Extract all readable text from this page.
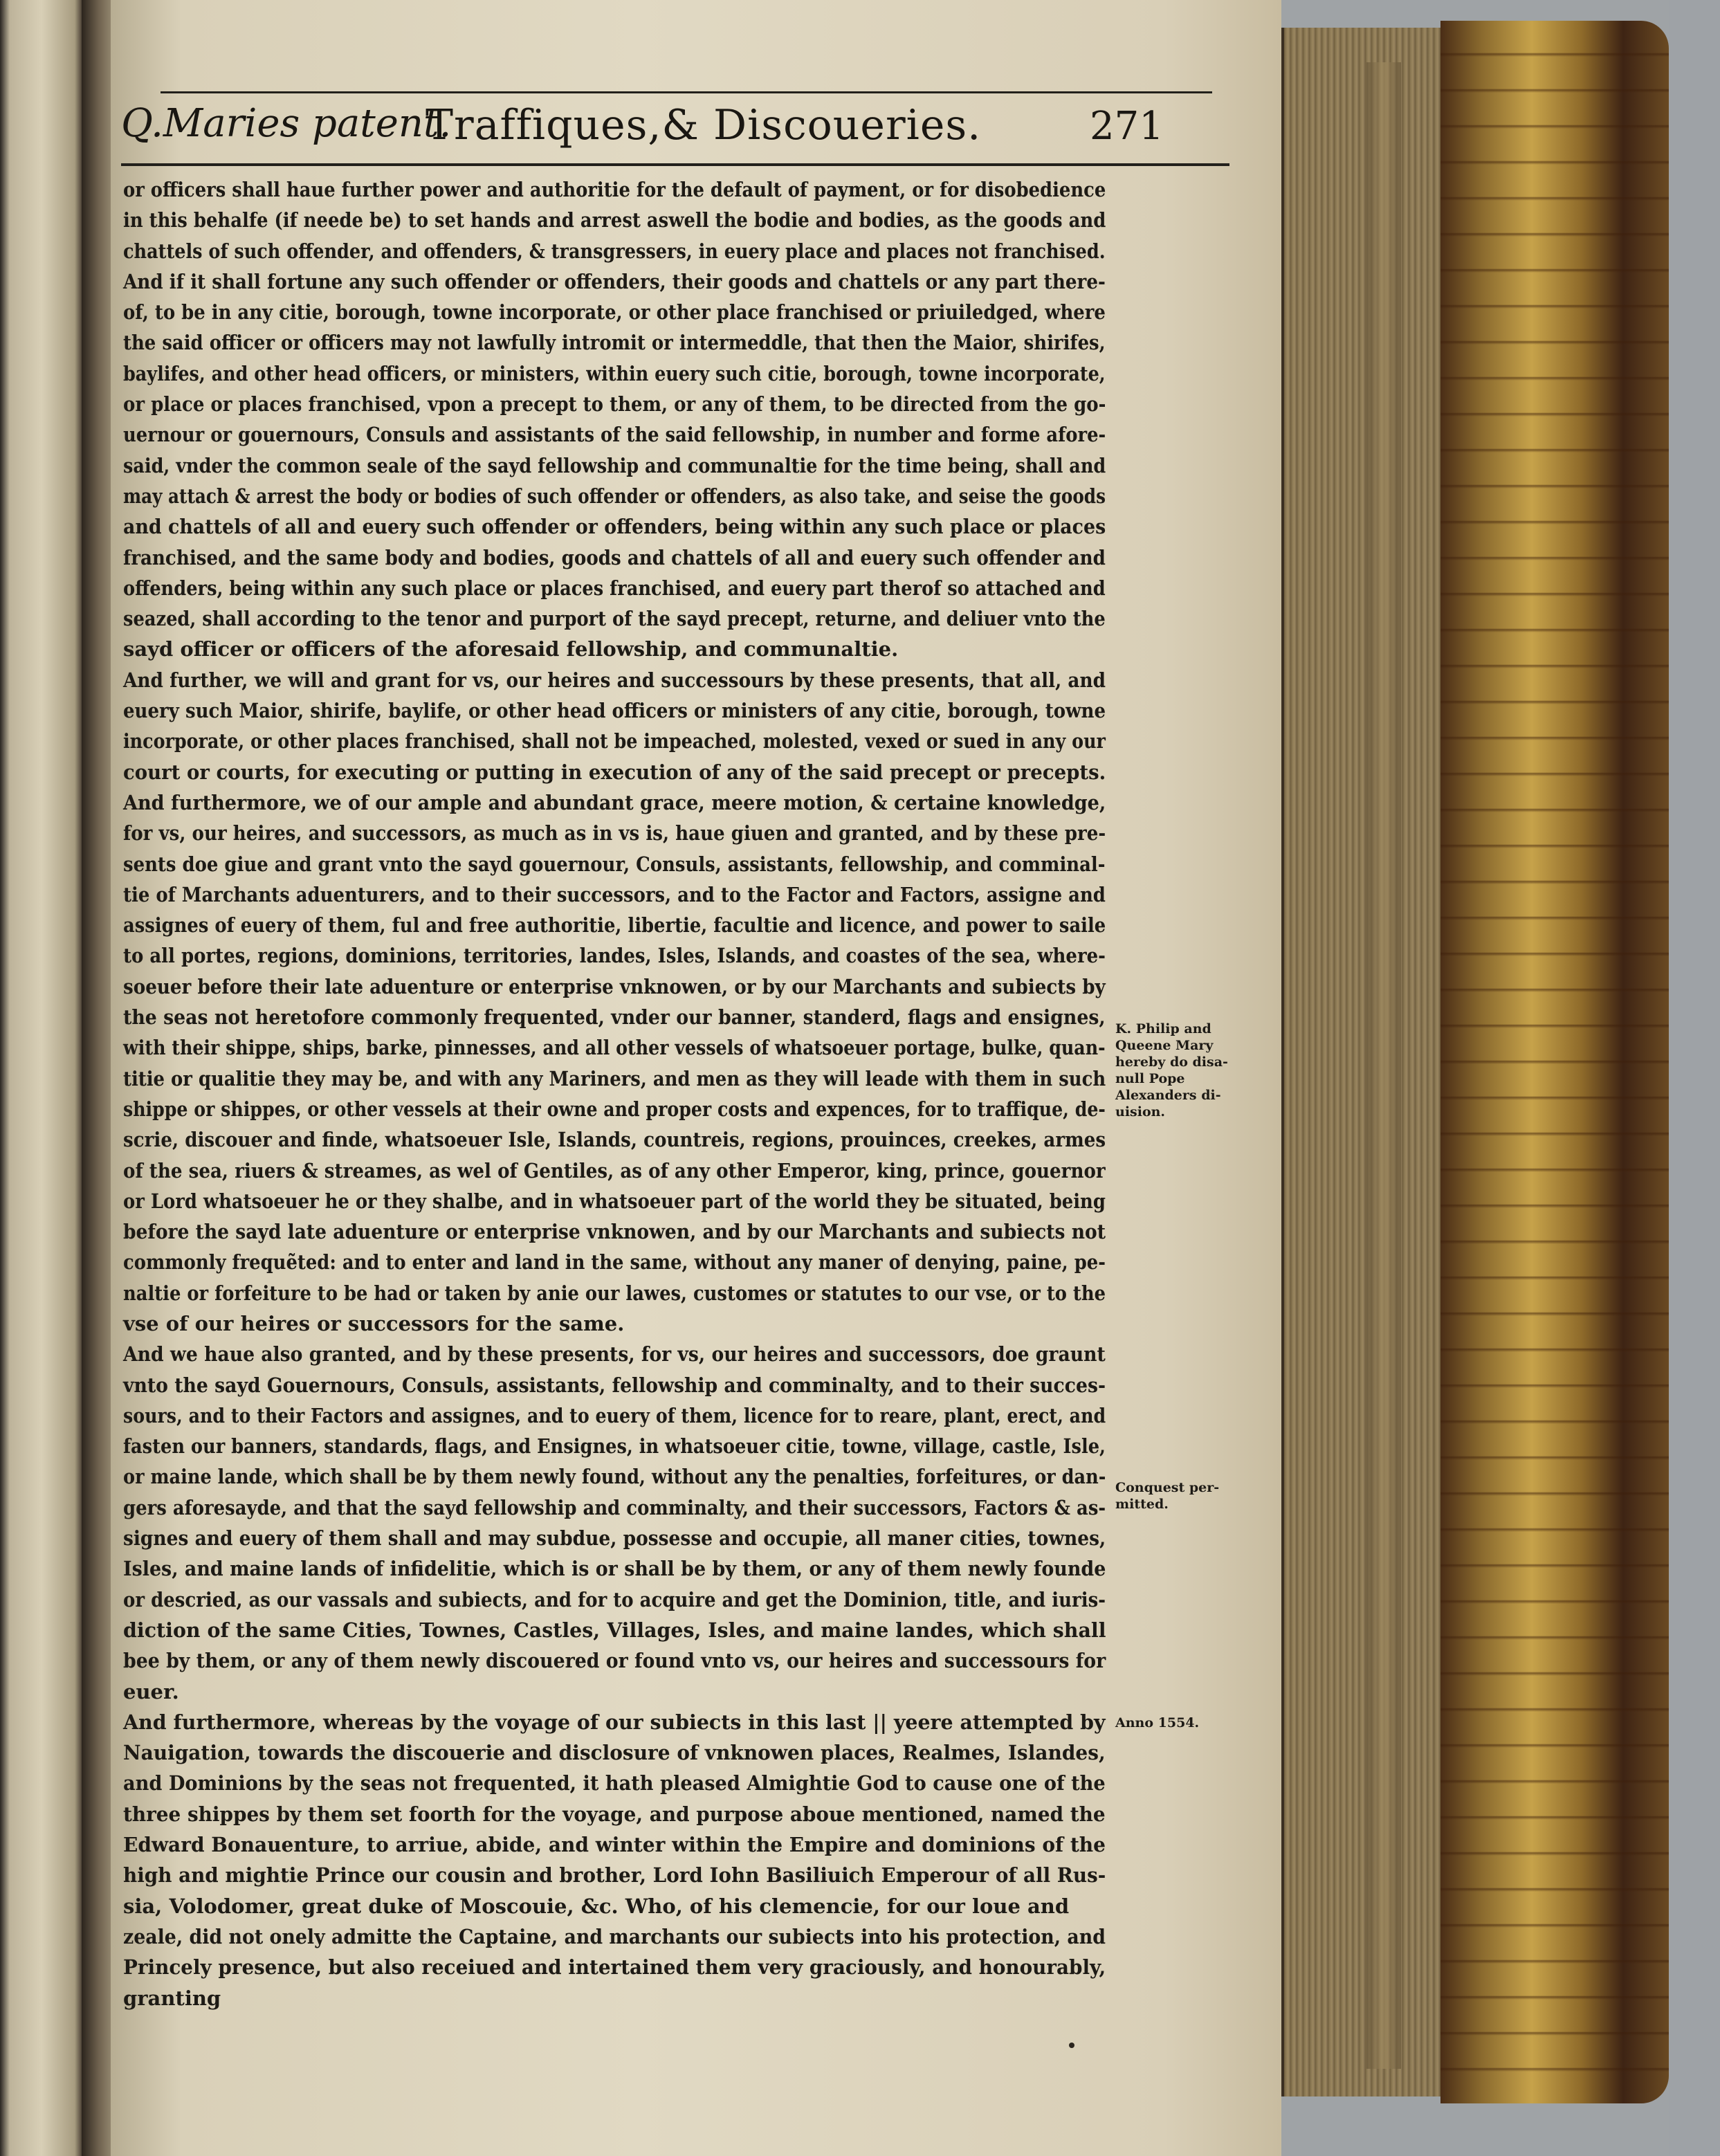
Q.Maries patent.
Traffiques,& Discoueries.	271
or officers shall haue further power and authoritie for the default of payment, or for disobedience
in this behalfe (if neede be) to set hands and arrest aswell the bodie and bodies, as the goods and
chattels of such offender, and offenders, & transgressers, in euery place and places not franchised.
And if it shall fortune any such offender or offenders, their goods and chattels or any part there-
of, to be in any citie, borough, towne incorporate, or other place franchised or priuiledged, where
the said officer or officers may not lawfully intromit or intermeddle, that then the Maior, shirifes,
baylifes, and other head officers, or ministers, within euery such citie, borough, towne incorporate,
or place or places franchised, vpon a precept to them, or any of them, to be directed from the go-
uernour or gouernours, Consuls and assistants of the said fellowship, in number and forme afore-
said, vnder the common seale of the sayd fellowship and communaltie for the time being, shall and
may attach & arrest the body or bodies of such offender or offenders, as also take, and seise the goods
and chattels of all and euery such offender or offenders, being within any such place or places
franchised, and the same body and bodies, goods and chattels of all and euery such offender and
offenders, being within any such place or places franchised, and euery part therof so attached and
seazed, shall according to the tenor and purport of the sayd precept, returne, and deliuer vnto the
sayd officer or officers of the aforesaid fellowship, and communaltie.
And further, we will and grant for vs, our heires and successours by these presents, that all, and
euery such Maior, shirife, baylife, or other head officers or ministers of any citie, borough, towne
incorporate, or other places franchised, shall not be impeached, molested, vexed or sued in any our
court or courts, for executing or putting in execution of any of the said precept or precepts.
And furthermore, we of our ample and abundant grace, meere motion, & certaine knowledge,
for vs, our heires, and successors, as much as in vs is, haue giuen and granted, and by these pre-
sents doe giue and grant vnto the sayd gouernour, Consuls, assistants, fellowship, and comminal-
tie of Marchants aduenturers, and to their successors, and to the Factor and Factors, assigne and
assignes of euery of them, ful and free authoritie, libertie, facultie and licence, and power to saile
to all portes, regions, dominions, territories, landes, Isles, Islands, and coastes of the sea, where-
soeuer before their late aduenture or enterprise vnknowen, or by our Marchants and subiects by
the seas not heretofore commonly frequented, vnder our banner, standerd, flags and ensignes,
with their shippe, ships, barke, pinnesses, and all other vessels of whatsoeuer portage, bulke, quan-
titie or qualitie they may be, and with any Mariners, and men as they will leade with them in such
shippe or shippes, or other vessels at their owne and proper costs and expences, for to traffique, de-
scrie, discouer and finde, whatsoeuer Isle, Islands, countreis, regions, prouinces, creekes, armes
of the sea, riuers & streames, as wel of Gentiles, as of any other Emperor, king, prince, gouernor
or Lord whatsoeuer he or they shalbe, and in whatsoeuer part of the world they be situated, being
before the sayd late aduenture or enterprise vnknowen, and by our Marchants and subiects not
commonly frequẽted: and to enter and land in the same, without any maner of denying, paine, pe-
naltie or forfeiture to be had or taken by anie our lawes, customes or statutes to our vse, or to the
vse of our heires or successors for the same.
And we haue also granted, and by these presents, for vs, our heires and successors, doe graunt
vnto the sayd Gouernours, Consuls, assistants, fellowship and comminalty, and to their succes-
sours, and to their Factors and assignes, and to euery of them, licence for to reare, plant, erect, and
fasten our banners, standards, flags, and Ensignes, in whatsoeuer citie, towne, village, castle, Isle,
or maine lande, which shall be by them newly found, without any the penalties, forfeitures, or dan-
gers aforesayde, and that the sayd fellowship and comminalty, and their successors, Factors & as-
signes and euery of them shall and may subdue, possesse and occupie, all maner cities, townes,
Isles, and maine lands of infidelitie, which is or shall be by them, or any of them newly founde
or descried, as our vassals and subiects, and for to acquire and get the Dominion, title, and iuris-
diction of the same Cities, Townes, Castles, Villages, Isles, and maine landes, which shall
bee by them, or any of them newly discouered or found vnto vs, our heires and successours for
euer.
And furthermore, whereas by the voyage of our subiects in this last || yeere attempted by
Nauigation, towards the discouerie and disclosure of vnknowen places, Realmes, Islandes,
and Dominions by the seas not frequented, it hath pleased Almightie God to cause one of the
three shippes by them set foorth for the voyage, and purpose aboue mentioned, named the
Edward Bonauenture, to arriue, abide, and winter within the Empire and dominions of the
high and mightie Prince our cousin and brother, Lord Iohn Basiliuich Emperour of all Rus-
sia, Volodomer, great duke of Moscouie, &c. Who, of his clemencie, for our loue and
zeale, did not onely admitte the Captaine, and marchants our subiects into his protection, and
Princely presence, but also receiued and intertained them very graciously, and honourably,
granting
K. Philip and
Queene Mary
hereby do disa-
null Pope
Alexanders di-
uision.
Conquest per-
mitted.
Anno 1554.
